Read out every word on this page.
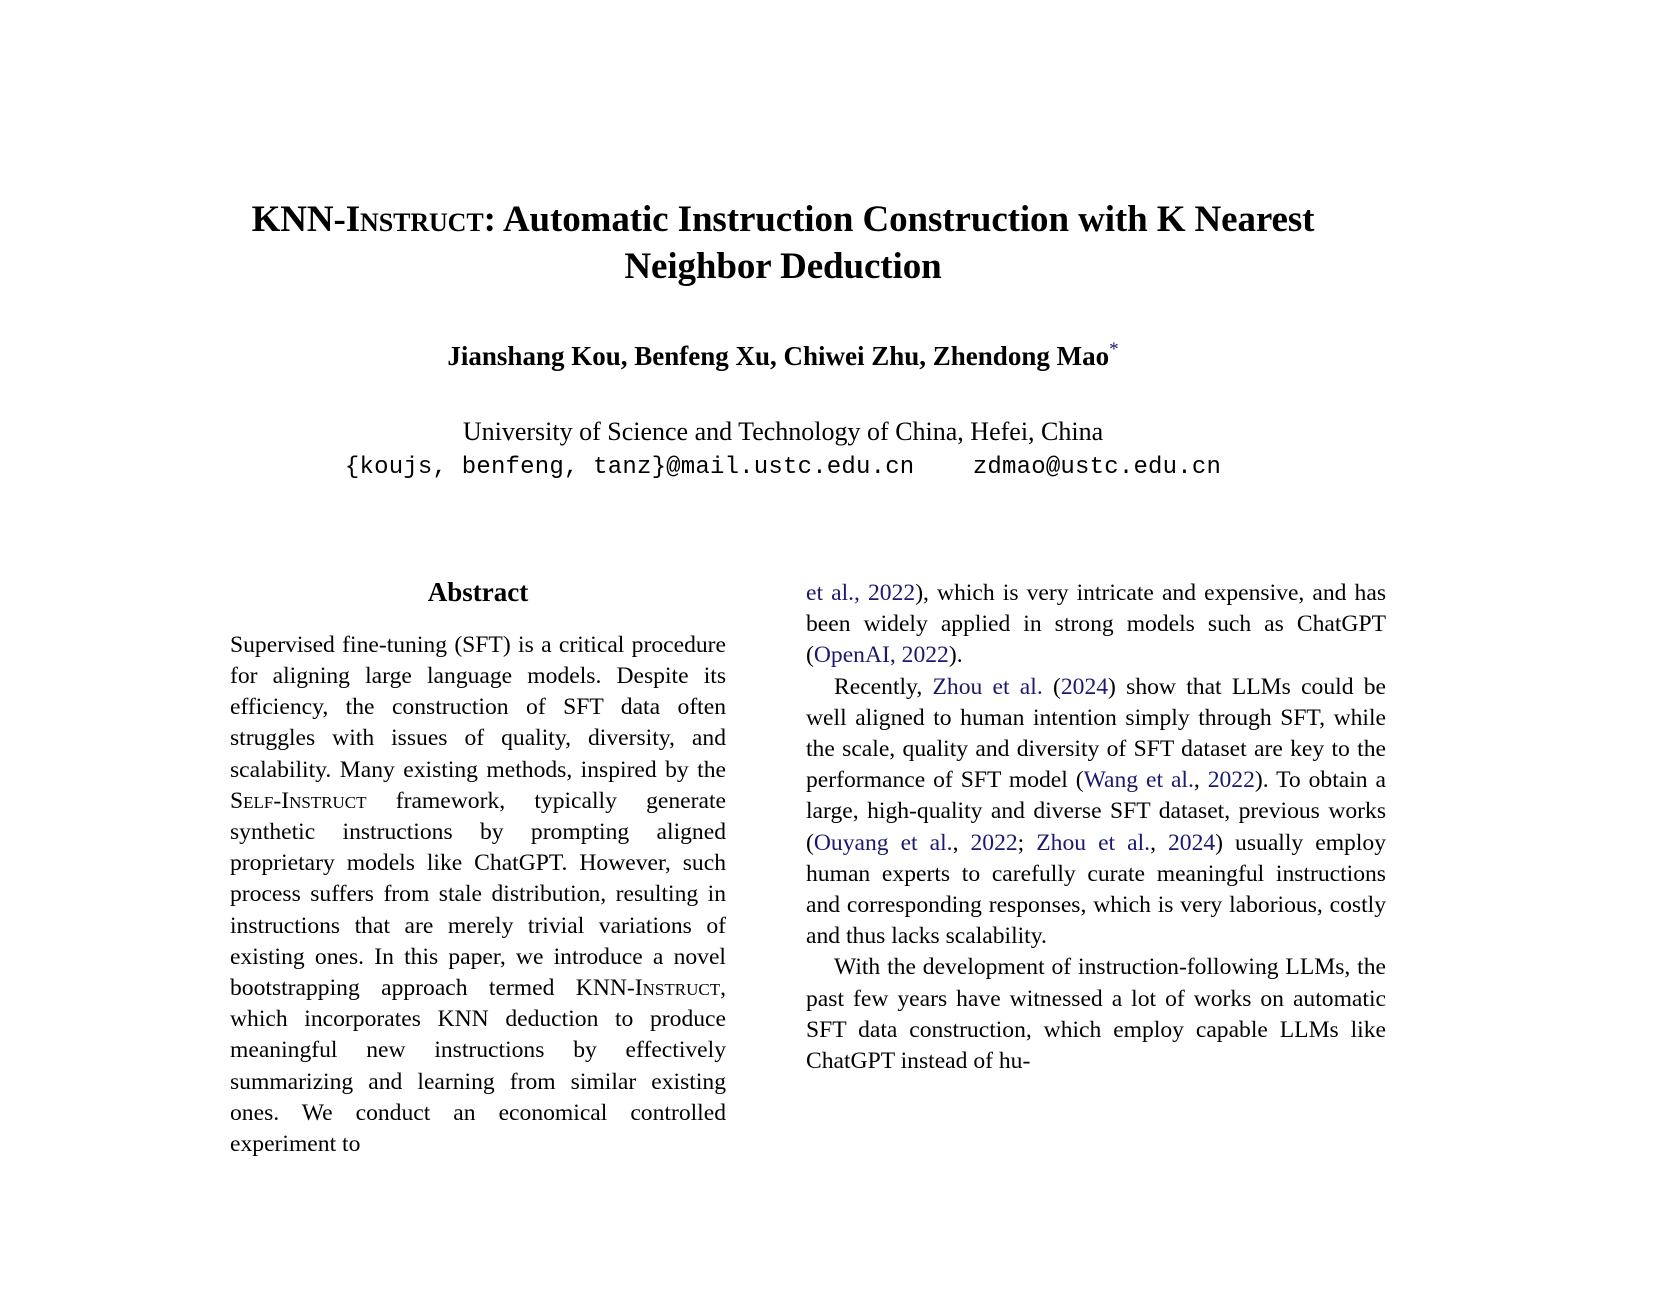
KNN-Instruct: Automatic Instruction Construction with K Nearest
Neighbor Deduction
Jianshang Kou, Benfeng Xu, Chiwei Zhu, Zhendong Mao*
University of Science and Technology of China, Hefei, China
{koujs, benfeng, tanz}@mail.ustc.edu.cn    zdmao@ustc.edu.cn
Abstract

Supervised fine-tuning (SFT) is a critical procedure for aligning large language models. Despite its efficiency, the construction of SFT data often struggles with issues of quality, diversity, and scalability. Many existing methods, inspired by the Self-Instruct framework, typically generate synthetic instructions by prompting aligned proprietary models like ChatGPT. However, such process suffers from stale distribution, resulting in instructions that are merely trivial variations of existing ones. In this paper, we introduce a novel bootstrapping approach termed KNN-Instruct, which incorporates KNN deduction to produce meaningful new instructions by effectively summarizing and learning from similar existing ones. We conduct an economical controlled experiment to

et al., 2022), which is very intricate and expensive, and has been widely applied in strong models such as ChatGPT (OpenAI, 2022).

Recently, Zhou et al. (2024) show that LLMs could be well aligned to human intention simply through SFT, while the scale, quality and diversity of SFT dataset are key to the performance of SFT model (Wang et al., 2022). To obtain a large, high-quality and diverse SFT dataset, previous works (Ouyang et al., 2022; Zhou et al., 2024) usually employ human experts to carefully curate meaningful instructions and corresponding responses, which is very laborious, costly and thus lacks scalability.

With the development of instruction-following LLMs, the past few years have witnessed a lot of works on automatic SFT data construction, which employ capable LLMs like ChatGPT instead of hu-
